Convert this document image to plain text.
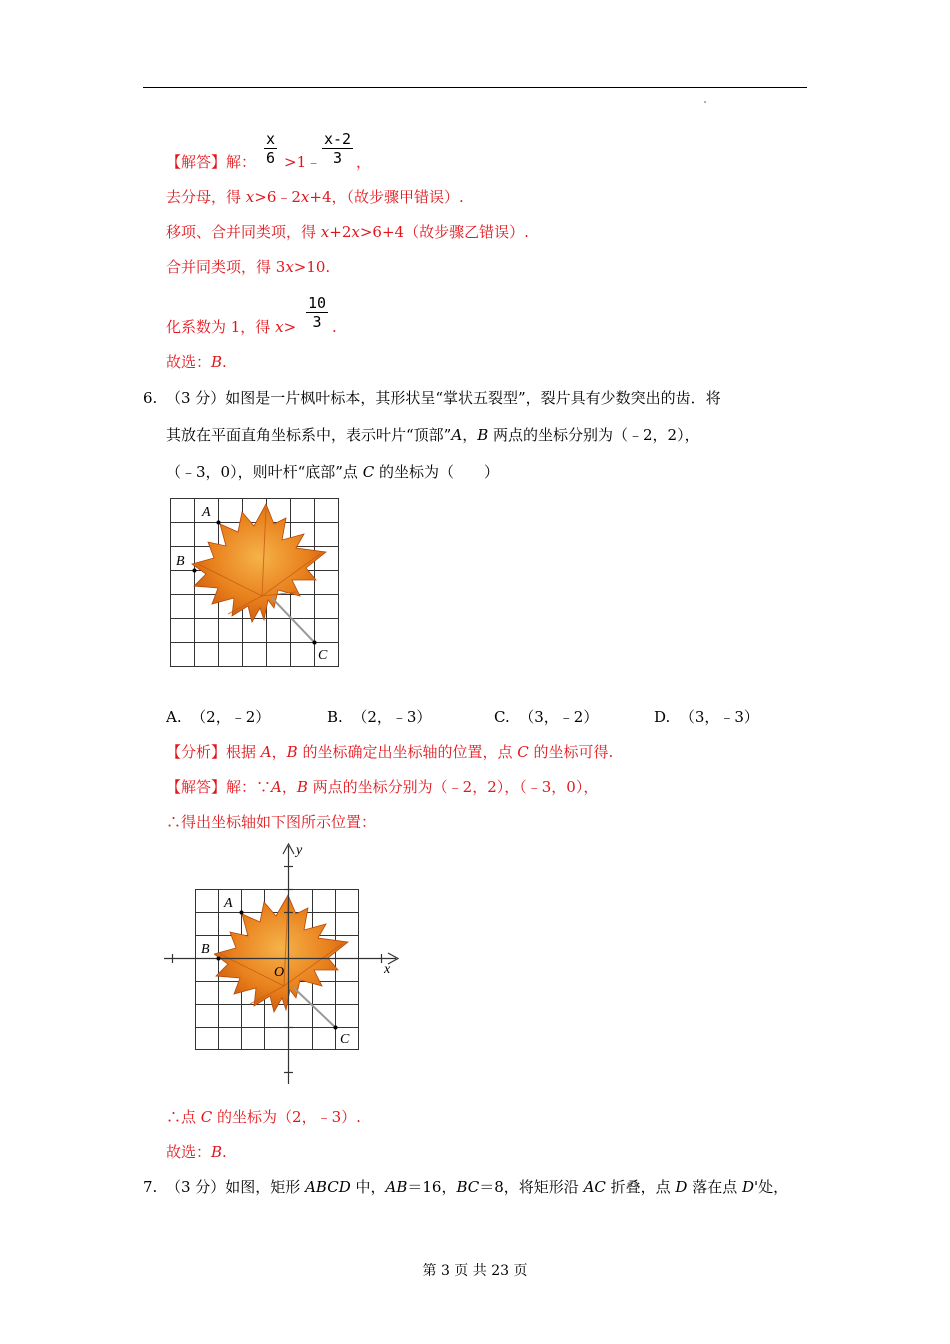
【解答】解： $\frac{x}{6}$ >1﹣ $\frac{x-2}{3}$ ，
去分母，得 x>6﹣2x+4，（故步骤甲错误）.
移项、合并同类项，得 x+2x>6+4（故步骤乙错误）.
合并同类项，得 3x>10.
化系数为 1，得 $x> \frac{10}{3}$ .
故选：B.
6. （3 分）如图是一片枫叶标本，其形状呈“掌状五裂型”，裂片具有少数突出的齿．将
其放在平面直角坐标系中，表示叶片“顶部”A，B 两点的坐标分别为（﹣2，2），
（﹣3，0），则叶杆“底部”点 C 的坐标为（　　）
A
B
C
A. （2，﹣2）	B. （2，﹣3）	C. （3，﹣2）	D. （3，﹣3）
【分析】根据 A，B 的坐标确定出坐标轴的位置，点 C 的坐标可得.
【解答】解：∵A，B 两点的坐标分别为（﹣2，2），（﹣3，0），
∴得出坐标轴如下图所示位置：
A
B
C
O	x
y
∴点 C 的坐标为（2，﹣3）.
故选：B.
7. （3 分）如图，矩形 ABCD 中，AB＝16，BC＝8，将矩形沿 AC 折叠，点 D 落在点 D'处，
第 3 页 共 23 页
